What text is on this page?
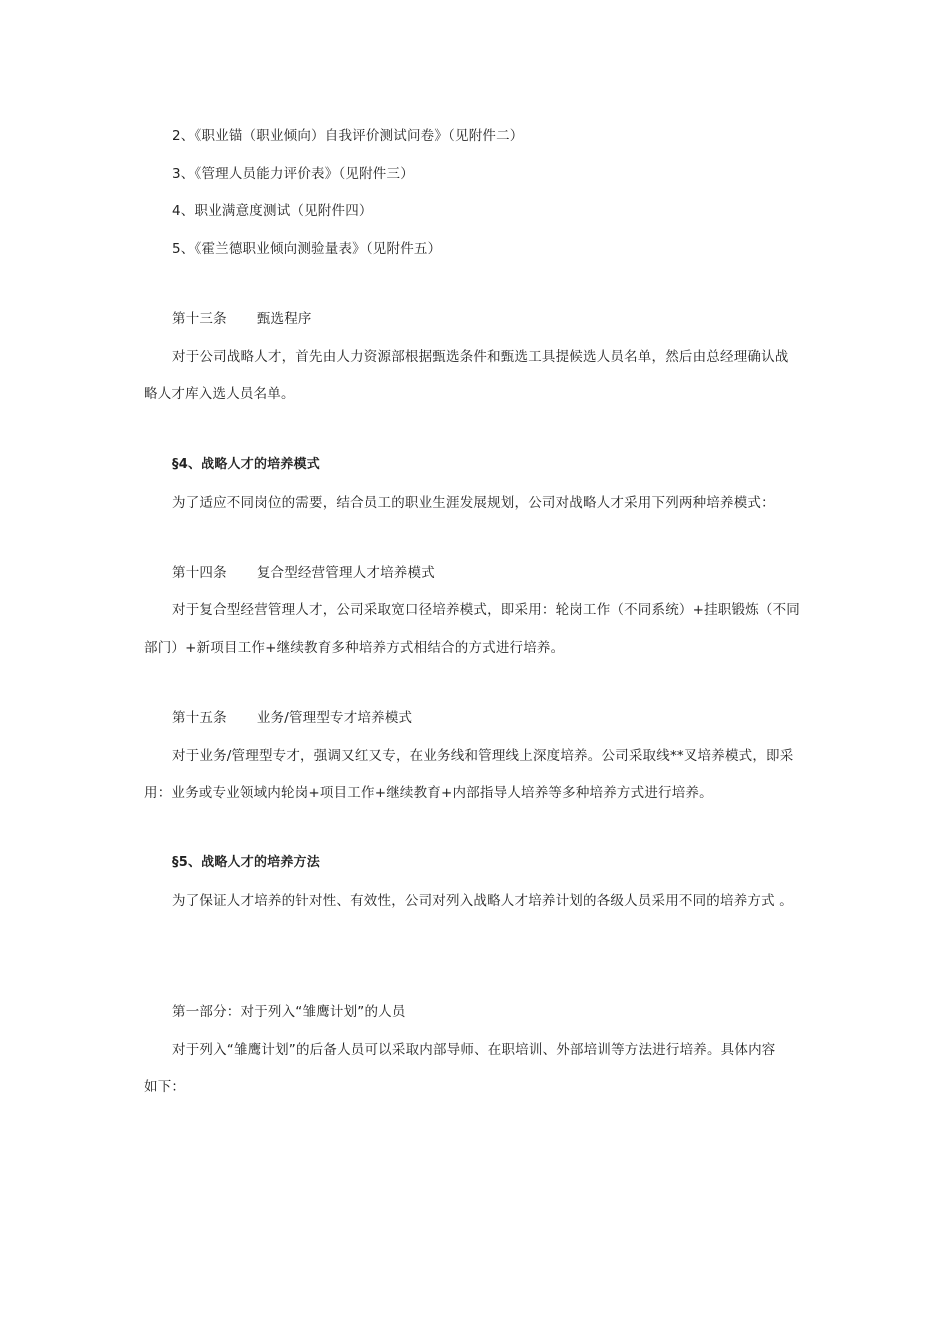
2、《职业锚（职业倾向）自我评价测试问卷》（见附件二）

3、《管理人员能力评价表》（见附件三）

4、职业满意度测试（见附件四）

5、《霍兰德职业倾向测验量表》（见附件五）

第十三条 甄选程序

对于公司战略人才，首先由人力资源部根据甄选条件和甄选工具提候选人员名单，然后由总经理确认战

略人才库入选人员名单。

§4、战略人才的培养模式

为了适应不同岗位的需要，结合员工的职业生涯发展规划，公司对战略人才采用下列两种培养模式：

第十四条 复合型经营管理人才培养模式

对于复合型经营管理人才，公司采取宽口径培养模式，即采用：轮岗工作（不同系统）+挂职锻炼（不同

部门）+新项目工作+继续教育多种培养方式相结合的方式进行培养。

第十五条 业务/管理型专才培养模式

对于业务/管理型专才，强调又红又专，在业务线和管理线上深度培养。公司采取线**叉培养模式，即采

用：业务或专业领域内轮岗+项目工作+继续教育+内部指导人培养等多种培养方式进行培养。

§5、战略人才的培养方法

为了保证人才培养的针对性、有效性，公司对列入战略人才培养计划的各级人员采用不同的培养方式 。

第一部分：对于列入“雏鹰计划”的人员

对于列入“雏鹰计划”的后备人员可以采取内部导师、在职培训、外部培训等方法进行培养。具体内容

如下：
